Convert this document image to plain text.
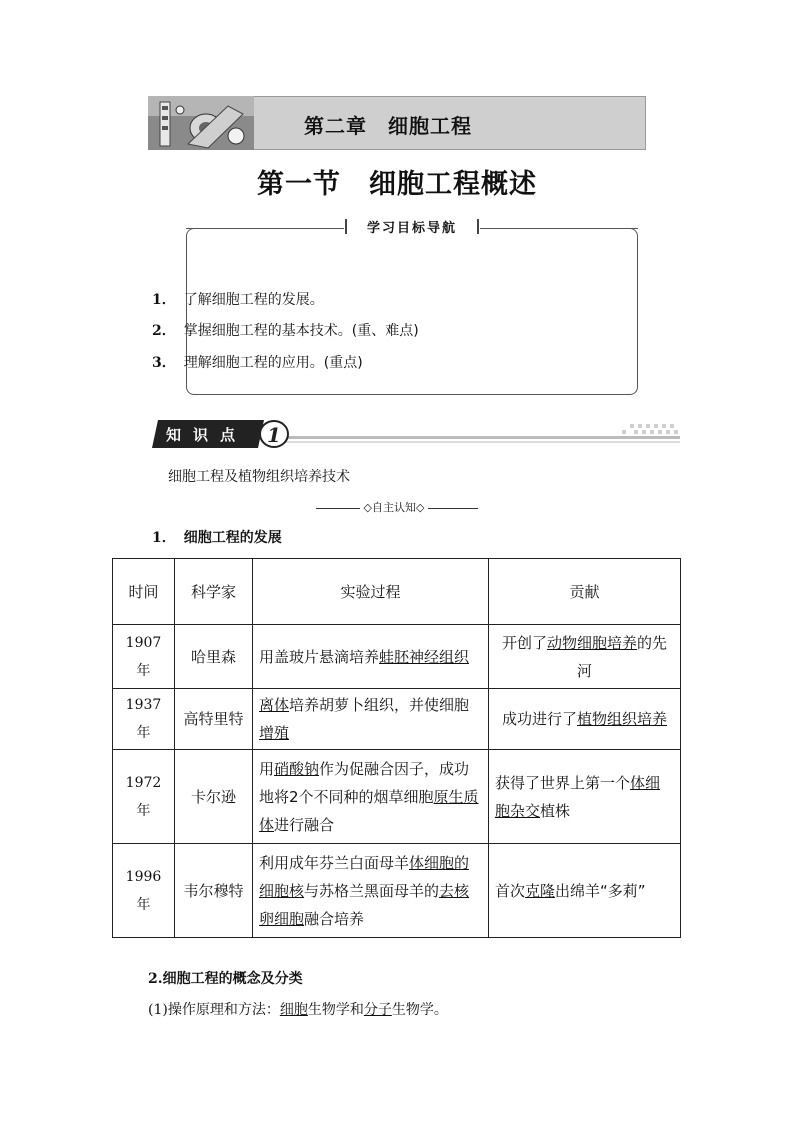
第二章　细胞工程
第一节　细胞工程概述
学习目标导航
1． 了解细胞工程的发展。
2． 掌握细胞工程的基本技术。(重、难点)
3． 理解细胞工程的应用。(重点)
1
知识点
细胞工程及植物组织培养技术
◇自主认知◇
1． 细胞工程的发展
时间	科学家	实验过程	贡献
1907年	哈里森	用盖玻片悬滴培养蛙胚神经组织	开创了动物细胞培养的先河
1937年	高特里特	离体培养胡萝卜组织，并使细胞增殖	成功进行了植物组织培养
1972年	卡尔逊	用硝酸钠作为促融合因子，成功地将2个不同种的烟草细胞原生质体进行融合	获得了世界上第一个体细胞杂交植株
1996年	韦尔穆特	利用成年芬兰白面母羊体细胞的细胞核与苏格兰黑面母羊的去核卵细胞融合培养	首次克隆出绵羊“多莉”
2.细胞工程的概念及分类
(1)操作原理和方法：细胞生物学和分子生物学。
